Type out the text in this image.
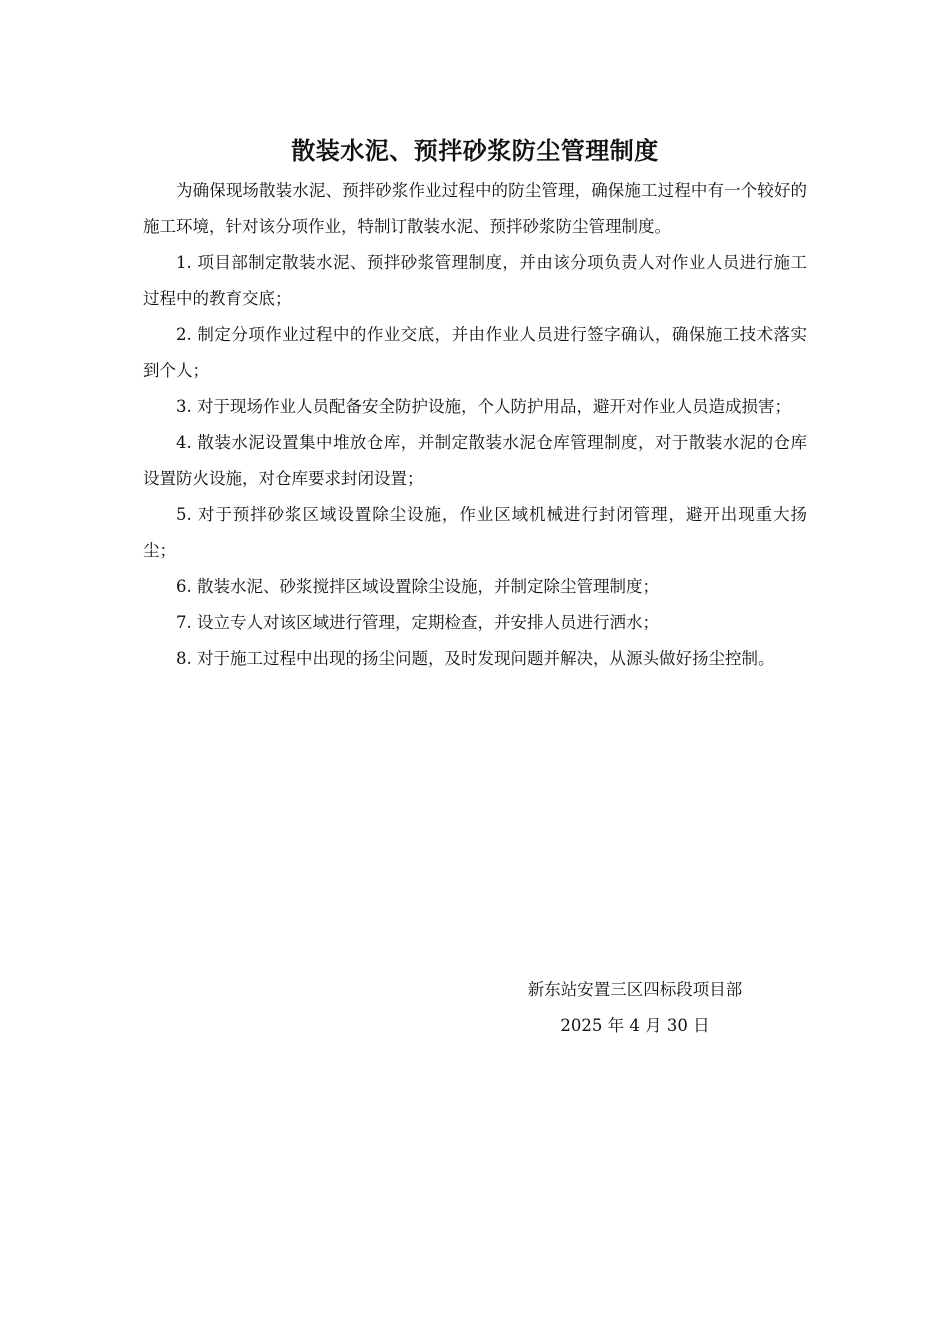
散装水泥、预拌砂浆防尘管理制度

为确保现场散装水泥、预拌砂浆作业过程中的防尘管理，确保施工过程中有一个较好的施工环境，针对该分项作业，特制订散装水泥、预拌砂浆防尘管理制度。

1. 项目部制定散装水泥、预拌砂浆管理制度，并由该分项负责人对作业人员进行施工过程中的教育交底；

2. 制定分项作业过程中的作业交底，并由作业人员进行签字确认，确保施工技术落实到个人；

3. 对于现场作业人员配备安全防护设施，个人防护用品，避开对作业人员造成损害；

4. 散装水泥设置集中堆放仓库，并制定散装水泥仓库管理制度，对于散装水泥的仓库设置防火设施，对仓库要求封闭设置；

5. 对于预拌砂浆区域设置除尘设施，作业区域机械进行封闭管理，避开出现重大扬尘；

6. 散装水泥、砂浆搅拌区域设置除尘设施，并制定除尘管理制度；

7. 设立专人对该区域进行管理，定期检查，并安排人员进行洒水；

8. 对于施工过程中出现的扬尘问题，及时发现问题并解决，从源头做好扬尘控制。

新东站安置三区四标段项目部
2025 年 4 月 30 日
